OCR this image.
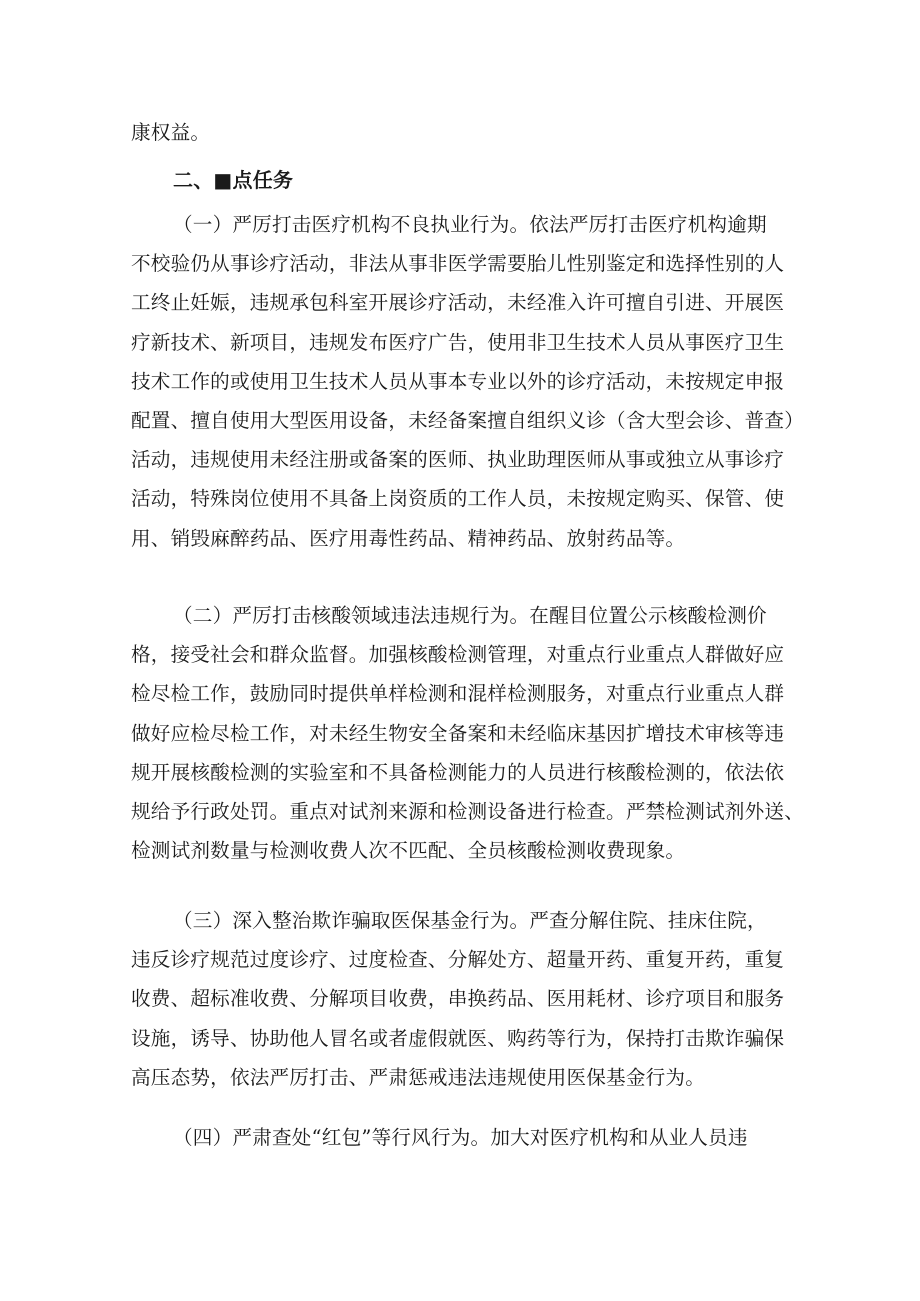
康权益。
二、■点任务
（一）严厉打击医疗机构不良执业行为。依法严厉打击医疗机构逾期
不校验仍从事诊疗活动，非法从事非医学需要胎儿性别鉴定和选择性别的人
工终止妊娠，违规承包科室开展诊疗活动，未经准入许可擅自引进、开展医
疗新技术、新项目，违规发布医疗广告，使用非卫生技术人员从事医疗卫生
技术工作的或使用卫生技术人员从事本专业以外的诊疗活动，未按规定申报
配置、擅自使用大型医用设备，未经备案擅自组织义诊（含大型会诊、普查）
活动，违规使用未经注册或备案的医师、执业助理医师从事或独立从事诊疗
活动，特殊岗位使用不具备上岗资质的工作人员，未按规定购买、保管、使
用、销毁麻醉药品、医疗用毒性药品、精神药品、放射药品等。
（二）严厉打击核酸领域违法违规行为。在醒目位置公示核酸检测价
格，接受社会和群众监督。加强核酸检测管理，对重点行业重点人群做好应
检尽检工作，鼓励同时提供单样检测和混样检测服务，对重点行业重点人群
做好应检尽检工作，对未经生物安全备案和未经临床基因扩增技术审核等违
规开展核酸检测的实验室和不具备检测能力的人员进行核酸检测的，依法依
规给予行政处罚。重点对试剂来源和检测设备进行检查。严禁检测试剂外送、
检测试剂数量与检测收费人次不匹配、全员核酸检测收费现象。
（三）深入整治欺诈骗取医保基金行为。严查分解住院、挂床住院，
违反诊疗规范过度诊疗、过度检查、分解处方、超量开药、重复开药，重复
收费、超标准收费、分解项目收费，串换药品、医用耗材、诊疗项目和服务
设施，诱导、协助他人冒名或者虚假就医、购药等行为，保持打击欺诈骗保
高压态势，依法严厉打击、严肃惩戒违法违规使用医保基金行为。
（四）严肃查处“红包”等行风行为。加大对医疗机构和从业人员违
